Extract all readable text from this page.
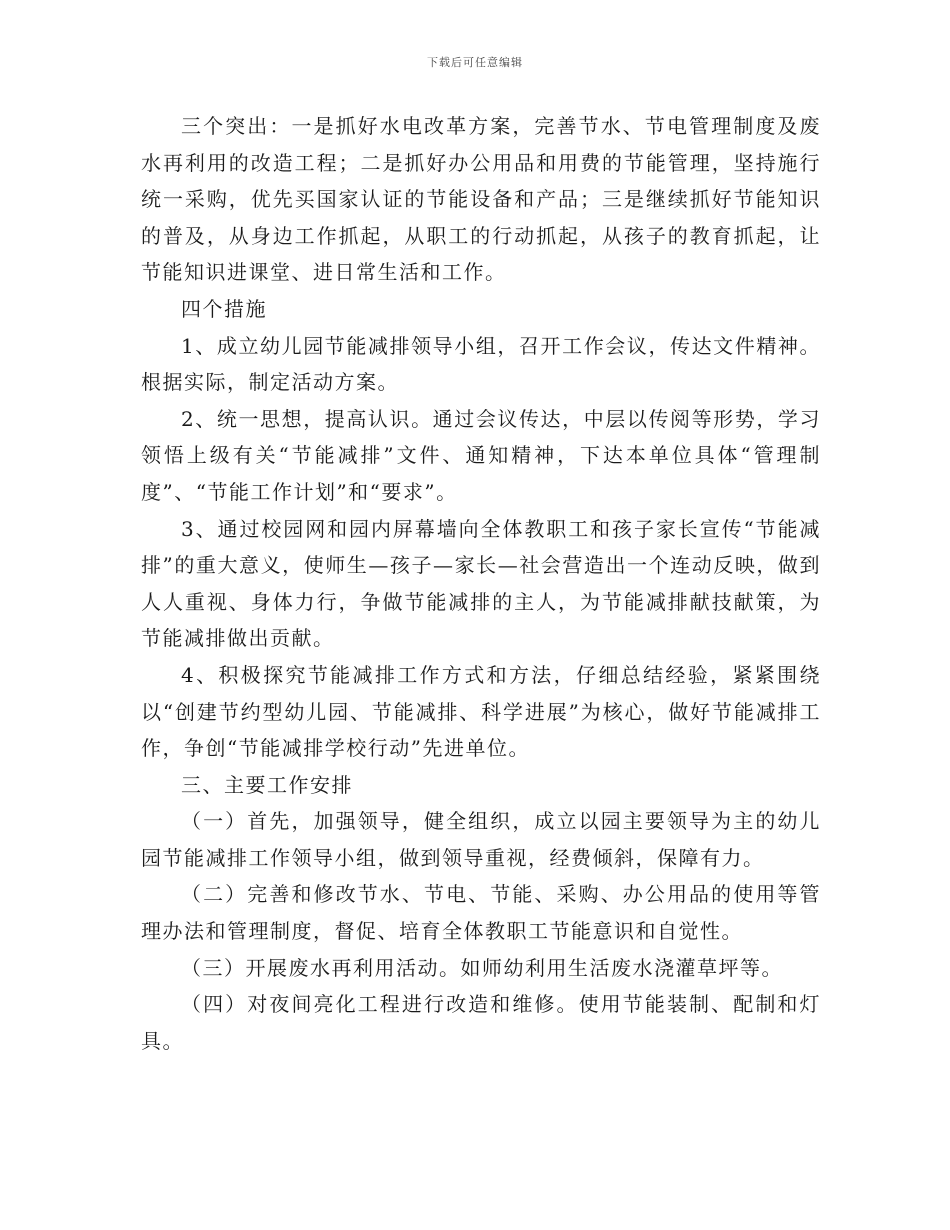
下载后可任意编辑

三个突出：一是抓好水电改革方案，完善节水、节电管理制度及废水再利用的改造工程；二是抓好办公用品和用费的节能管理，坚持施行统一采购，优先买国家认证的节能设备和产品；三是继续抓好节能知识的普及，从身边工作抓起，从职工的行动抓起，从孩子的教育抓起，让节能知识进课堂、进日常生活和工作。

四个措施

1、成立幼儿园节能减排领导小组，召开工作会议，传达文件精神。根据实际，制定活动方案。

2、统一思想，提高认识。通过会议传达，中层以传阅等形势，学习领悟上级有关“节能减排”文件、通知精神，下达本单位具体“管理制度”、“节能工作计划”和“要求”。

3、通过校园网和园内屏幕墙向全体教职工和孩子家长宣传“节能减排”的重大意义，使师生—孩子—家长—社会营造出一个连动反映，做到人人重视、身体力行，争做节能减排的主人，为节能减排献技献策，为节能减排做出贡献。

4、积极探究节能减排工作方式和方法，仔细总结经验，紧紧围绕以“创建节约型幼儿园、节能减排、科学进展”为核心，做好节能减排工作，争创“节能减排学校行动”先进单位。

三、主要工作安排

（一）首先，加强领导，健全组织，成立以园主要领导为主的幼儿园节能减排工作领导小组，做到领导重视，经费倾斜，保障有力。

（二）完善和修改节水、节电、节能、采购、办公用品的使用等管理办法和管理制度，督促、培育全体教职工节能意识和自觉性。

（三）开展废水再利用活动。如师幼利用生活废水浇灌草坪等。

（四）对夜间亮化工程进行改造和维修。使用节能装制、配制和灯具。
